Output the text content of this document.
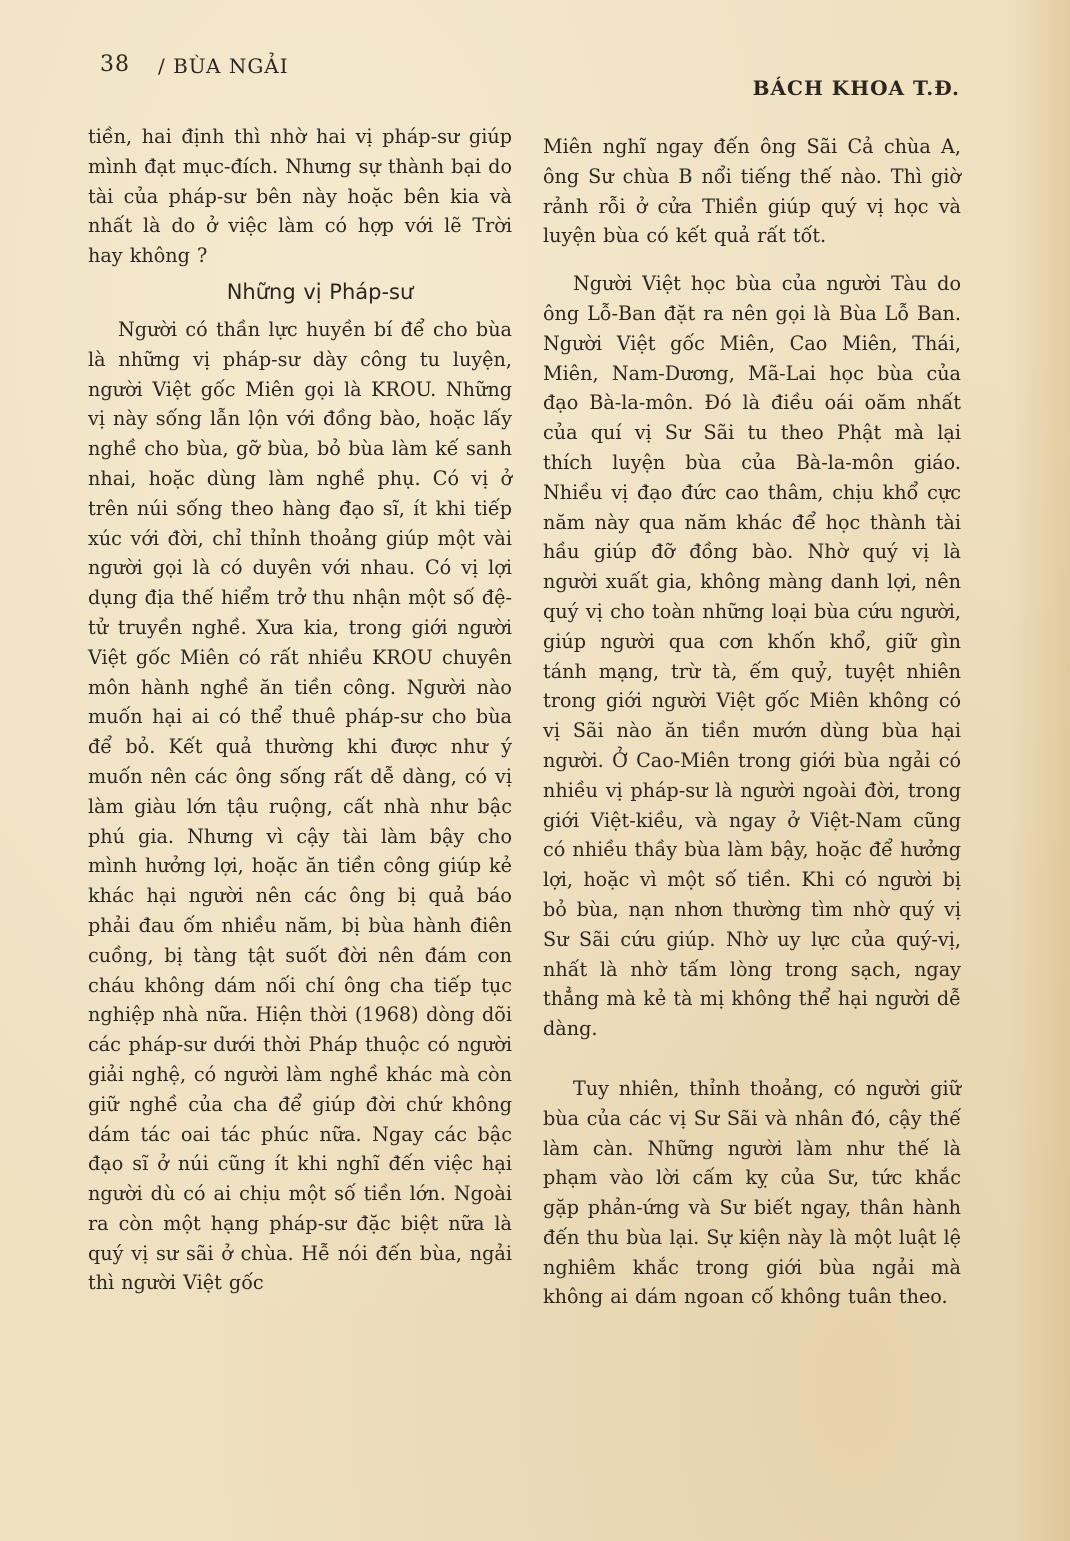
38 / BÙA NGẢI
BÁCH KHOA T.Đ.

tiền, hai định thì nhờ hai vị pháp-sư giúp mình đạt mục-đích. Nhưng sự thành bại do tài của pháp-sư bên này hoặc bên kia và nhất là do ở việc làm có hợp với lẽ Trời hay không ?

Những vị Pháp-sư

Người có thần lực huyền bí để cho bùa là những vị pháp-sư dày công tu luyện, người Việt gốc Miên gọi là KROU. Những vị này sống lẫn lộn với đồng bào, hoặc lấy nghề cho bùa, gỡ bùa, bỏ bùa làm kế sanh nhai, hoặc dùng làm nghề phụ. Có vị ở trên núi sống theo hàng đạo sĩ, ít khi tiếp xúc với đời, chỉ thỉnh thoảng giúp một vài người gọi là có duyên với nhau. Có vị lợi dụng địa thế hiểm trở thu nhận một số đệ-tử truyền nghề. Xưa kia, trong giới người Việt gốc Miên có rất nhiều KROU chuyên môn hành nghề ăn tiền công. Người nào muốn hại ai có thể thuê pháp-sư cho bùa để bỏ. Kết quả thường khi được như ý muốn nên các ông sống rất dễ dàng, có vị làm giàu lớn tậu ruộng, cất nhà như bậc phú gia. Nhưng vì cậy tài làm bậy cho mình hưởng lợi, hoặc ăn tiền công giúp kẻ khác hại người nên các ông bị quả báo phải đau ốm nhiều năm, bị bùa hành điên cuồng, bị tàng tật suốt đời nên đám con cháu không dám nối chí ông cha tiếp tục nghiệp nhà nữa. Hiện thời (1968) dòng dõi các pháp-sư dưới thời Pháp thuộc có người giải nghệ, có người làm nghề khác mà còn giữ nghề của cha để giúp đời chứ không dám tác oai tác phúc nữa. Ngay các bậc đạo sĩ ở núi cũng ít khi nghĩ đến việc hại người dù có ai chịu một số tiền lớn. Ngoài ra còn một hạng pháp-sư đặc biệt nữa là quý vị sư sãi ở chùa. Hễ nói đến bùa, ngải thì người Việt gốc

Miên nghĩ ngay đến ông Sãi Cả chùa A, ông Sư chùa B nổi tiếng thế nào. Thì giờ rảnh rỗi ở cửa Thiền giúp quý vị học và luyện bùa có kết quả rất tốt.

Người Việt học bùa của người Tàu do ông Lỗ-Ban đặt ra nên gọi là Bùa Lỗ Ban. Người Việt gốc Miên, Cao Miên, Thái, Miên, Nam-Dương, Mã-Lai học bùa của đạo Bà-la-môn. Đó là điều oái oăm nhất của quí vị Sư Sãi tu theo Phật mà lại thích luyện bùa của Bà-la-môn giáo. Nhiều vị đạo đức cao thâm, chịu khổ cực năm này qua năm khác để học thành tài hầu giúp đỡ đồng bào. Nhờ quý vị là người xuất gia, không màng danh lợi, nên quý vị cho toàn những loại bùa cứu người, giúp người qua cơn khốn khổ, giữ gìn tánh mạng, trừ tà, ếm quỷ, tuyệt nhiên trong giới người Việt gốc Miên không có vị Sãi nào ăn tiền mướn dùng bùa hại người. Ở Cao-Miên trong giới bùa ngải có nhiều vị pháp-sư là người ngoài đời, trong giới Việt-kiều, và ngay ở Việt-Nam cũng có nhiều thầy bùa làm bậy, hoặc để hưởng lợi, hoặc vì một số tiền. Khi có người bị bỏ bùa, nạn nhơn thường tìm nhờ quý vị Sư Sãi cứu giúp. Nhờ uy lực của quý-vị, nhất là nhờ tấm lòng trong sạch, ngay thẳng mà kẻ tà mị không thể hại người dễ dàng.

Tuy nhiên, thỉnh thoảng, có người giữ bùa của các vị Sư Sãi và nhân đó, cậy thế làm càn. Những người làm như thế là phạm vào lời cấm kỵ của Sư, tức khắc gặp phản-ứng và Sư biết ngay, thân hành đến thu bùa lại. Sự kiện này là một luật lệ nghiêm khắc trong giới bùa ngải mà không ai dám ngoan cố không tuân theo.
